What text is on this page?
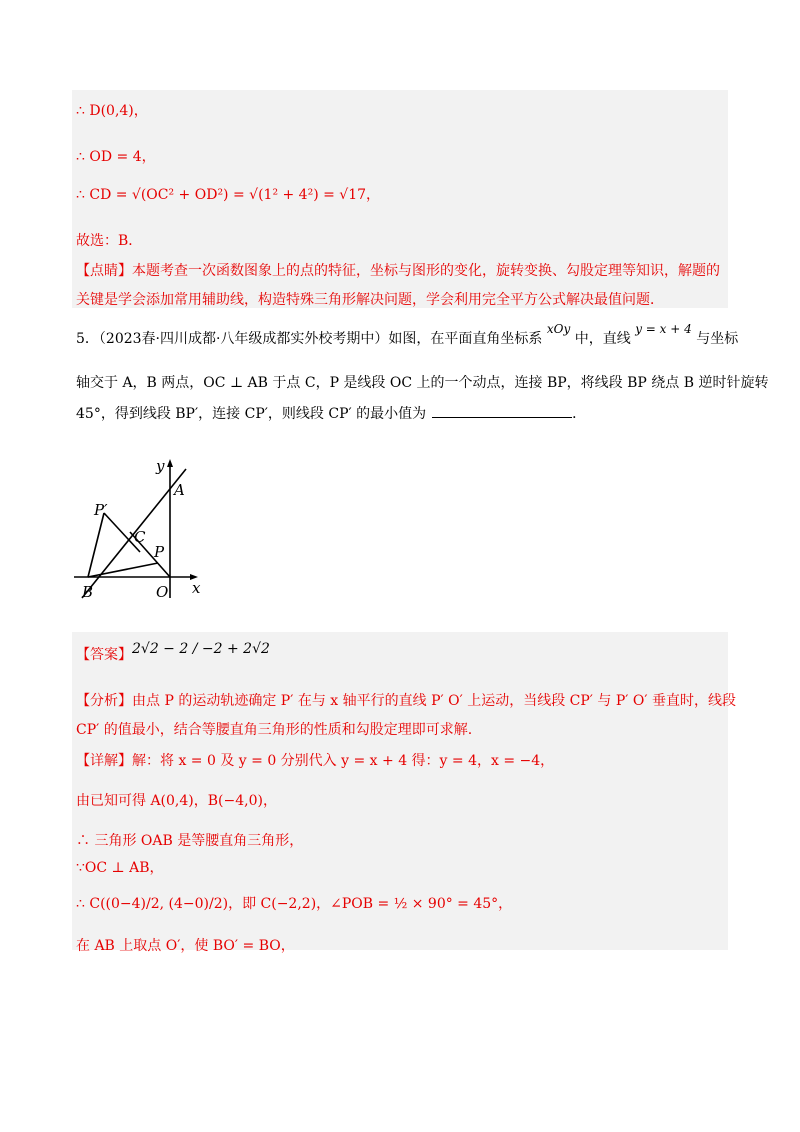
∴ D(0,4)，
∴ OD = 4，
∴ CD = √(OC² + OD²) = √(1² + 4²) = √17，
故选：B．
【点睛】本题考查一次函数图象上的点的特征，坐标与图形的变化，旋转变换、勾股定理等知识，解题的
关键是学会添加常用辅助线，构造特殊三角形解决问题，学会利用完全平方公式解决最值问题．
5．（2023春·四川成都·八年级成都实外校考期中）如图，在平面直角坐标系 xOy 中，直线 y = x + 4 与坐标
轴交于 A，B 两点，OC ⊥ AB 于点 C，P 是线段 OC 上的一个动点，连接 BP，将线段 BP 绕点 B 逆时针旋转
45°，得到线段 BP′，连接 CP′，则线段 CP′ 的最小值为	．
y
A
P′
C
P
x
B	O
【答案】2√2 − 2 / −2 + 2√2
【分析】由点 P 的运动轨迹确定 P′ 在与 x 轴平行的直线 P′ O′ 上运动，当线段 CP′ 与 P′ O′ 垂直时，线段
CP′ 的值最小，结合等腰直角三角形的性质和勾股定理即可求解.
【详解】解：将 x = 0 及 y = 0 分别代入 y = x + 4 得：y = 4，x = −4，
由已知可得 A(0,4)，B(−4,0)，
∴ 三角形 OAB 是等腰直角三角形，
∵OC ⊥ AB，
∴ C((0−4)/2, (4−0)/2)，即 C(−2,2)，∠POB = ½ × 90° = 45°，
在 AB 上取点 O′，使 BO′ = BO，
